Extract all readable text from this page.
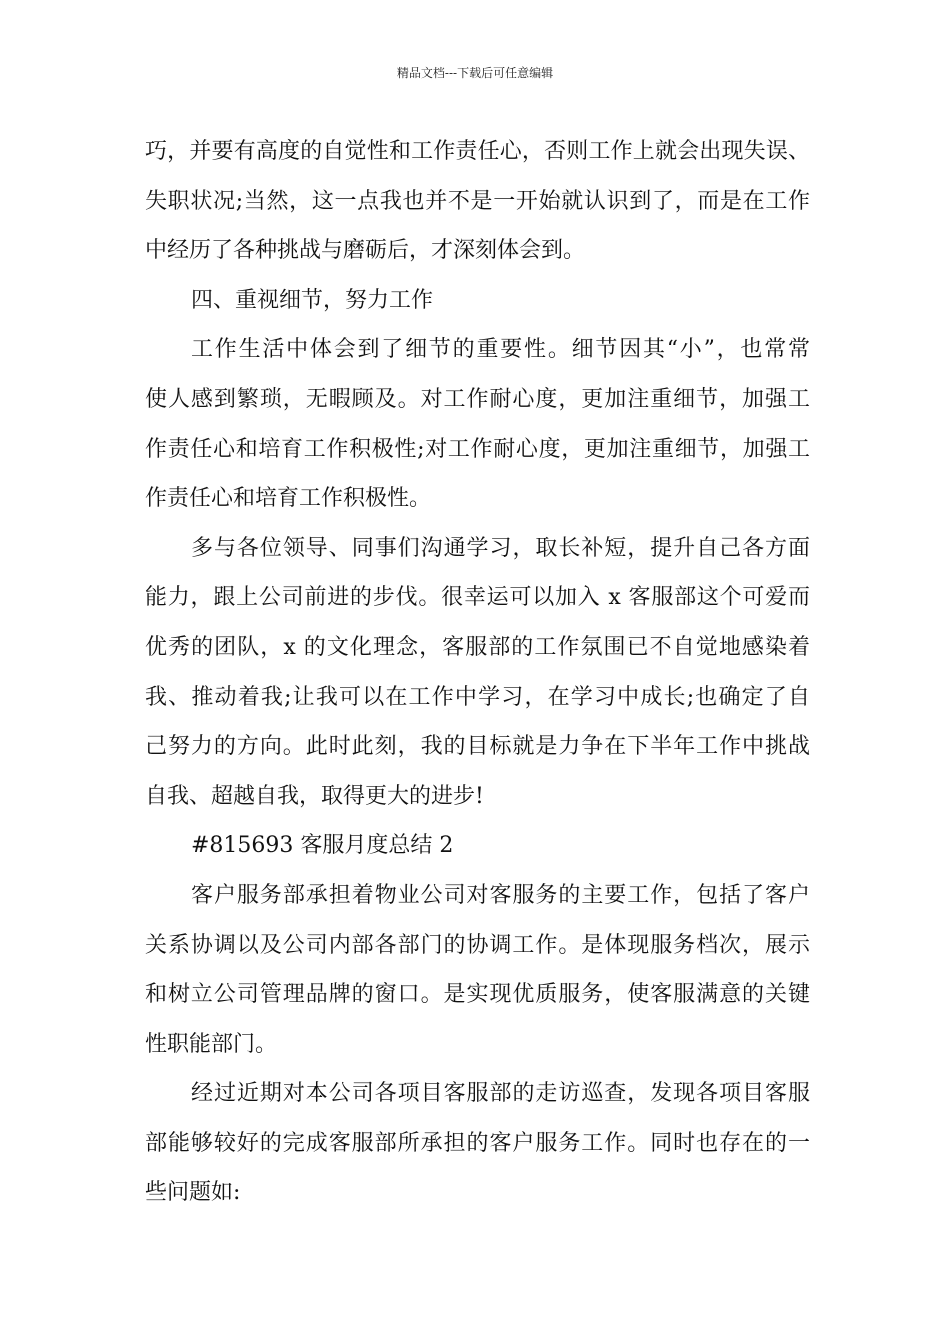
精品文档---下载后可任意编辑
巧，并要有高度的自觉性和工作责任心，否则工作上就会出现失误、
失职状况;当然，这一点我也并不是一开始就认识到了，而是在工作
中经历了各种挑战与磨砺后，才深刻体会到。
四、重视细节，努力工作
工作生活中体会到了细节的重要性。细节因其“小”，也常常
使人感到繁琐，无暇顾及。对工作耐心度，更加注重细节，加强工
作责任心和培育工作积极性;对工作耐心度，更加注重细节，加强工
作责任心和培育工作积极性。
多与各位领导、同事们沟通学习，取长补短，提升自己各方面
能力，跟上公司前进的步伐。很幸运可以加入 x 客服部这个可爱而
优秀的团队，x 的文化理念，客服部的工作氛围已不自觉地感染着
我、推动着我;让我可以在工作中学习，在学习中成长;也确定了自
己努力的方向。此时此刻，我的目标就是力争在下半年工作中挑战
自我、超越自我，取得更大的进步!
#815693 客服月度总结 2
客户服务部承担着物业公司对客服务的主要工作，包括了客户
关系协调以及公司内部各部门的协调工作。是体现服务档次，展示
和树立公司管理品牌的窗口。是实现优质服务，使客服满意的关键
性职能部门。
经过近期对本公司各项目客服部的走访巡查，发现各项目客服
部能够较好的完成客服部所承担的客户服务工作。同时也存在的一
些问题如:
